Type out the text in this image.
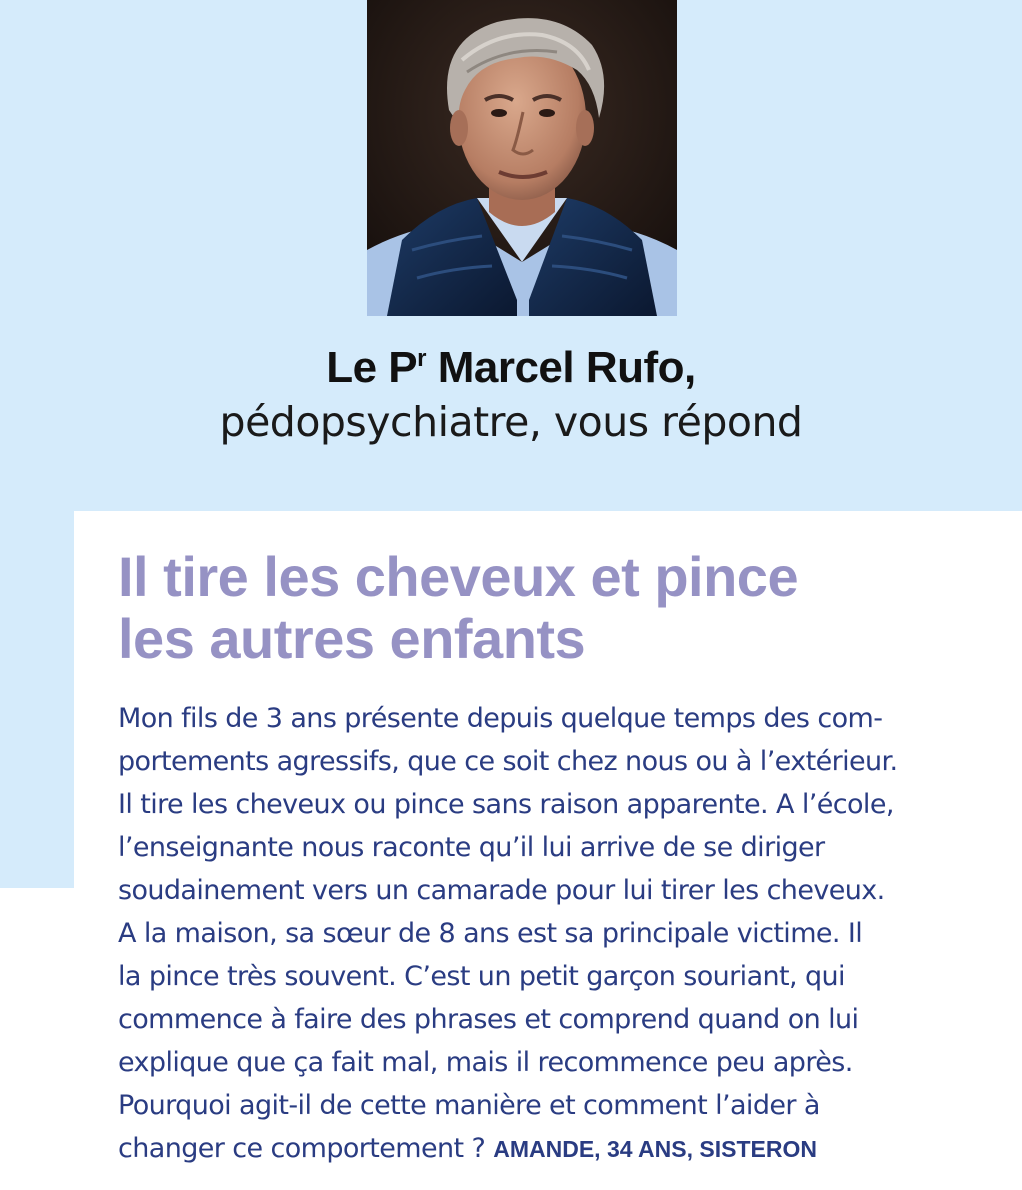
Le $P^r$ Marcel Rufo,
pédopsychiatre, vous répond
Il tire les cheveux et pince
les autres enfants

Mon fils de 3 ans présente depuis quelque temps des com-
portements agressifs, que ce soit chez nous ou à l’extérieur.
Il tire les cheveux ou pince sans raison apparente. A l’école,
l’enseignante nous raconte qu’il lui arrive de se diriger
soudainement vers un camarade pour lui tirer les cheveux.
A la maison, sa sœur de 8 ans est sa principale victime. Il
la pince très souvent. C’est un petit garçon souriant, qui
commence à faire des phrases et comprend quand on lui
explique que ça fait mal, mais il recommence peu après.
Pourquoi agit-il de cette manière et comment l’aider à
changer ce comportement ? AMANDE, 34 ANS, SISTERON
